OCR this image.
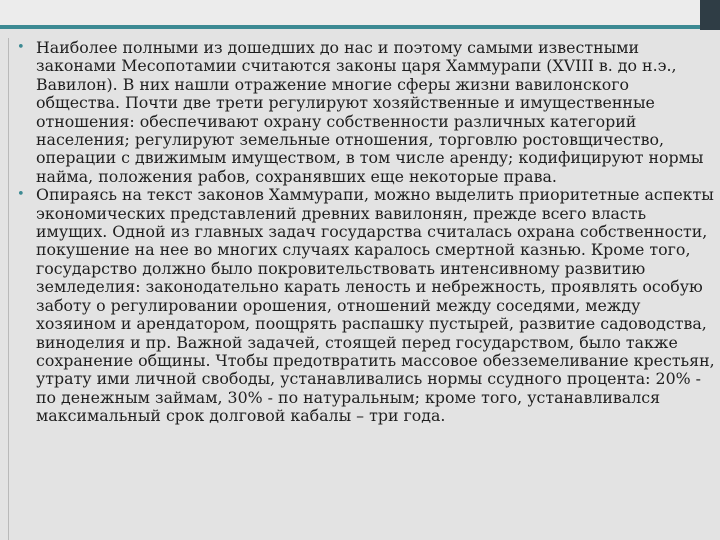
• Наиболее полными из дошедших до нас и поэтому самыми известными законами Месопотамии считаются законы царя Хаммурапи (XVIII в. до н.э., Вавилон). В них нашли отражение многие сферы жизни вавилонского общества. Почти две трети регулируют хозяйственные и имущественные отношения: обеспечивают охрану собственности различных категорий населения; регулируют земельные отношения, торговлю ростовщичество, операции с движимым имуществом, в том числе аренду; кодифицируют нормы найма, положения рабов, сохранявших еще некоторые права.
• Опираясь на текст законов Хаммурапи, можно выделить приоритетные аспекты экономических представлений древних вавилонян, прежде всего власть имущих. Одной из главных задач государства считалась охрана собственности, покушение на нее во многих случаях каралось смертной казнью. Кроме того, государство должно было покровительствовать интенсивному развитию земледелия: законодательно карать леность и небрежность, проявлять особую заботу о регулировании орошения, отношений между соседями, между хозяином и арендатором, поощрять распашку пустырей, развитие садоводства, виноделия и пр. Важной задачей, стоящей перед государством, было также сохранение общины. Чтобы предотвратить массовое обезземеливание крестьян, утрату ими личной свободы, устанавливались нормы ссудного процента: 20% - по денежным займам, 30% - по натуральным; кроме того, устанавливался максимальный срок долговой кабалы – три года.
